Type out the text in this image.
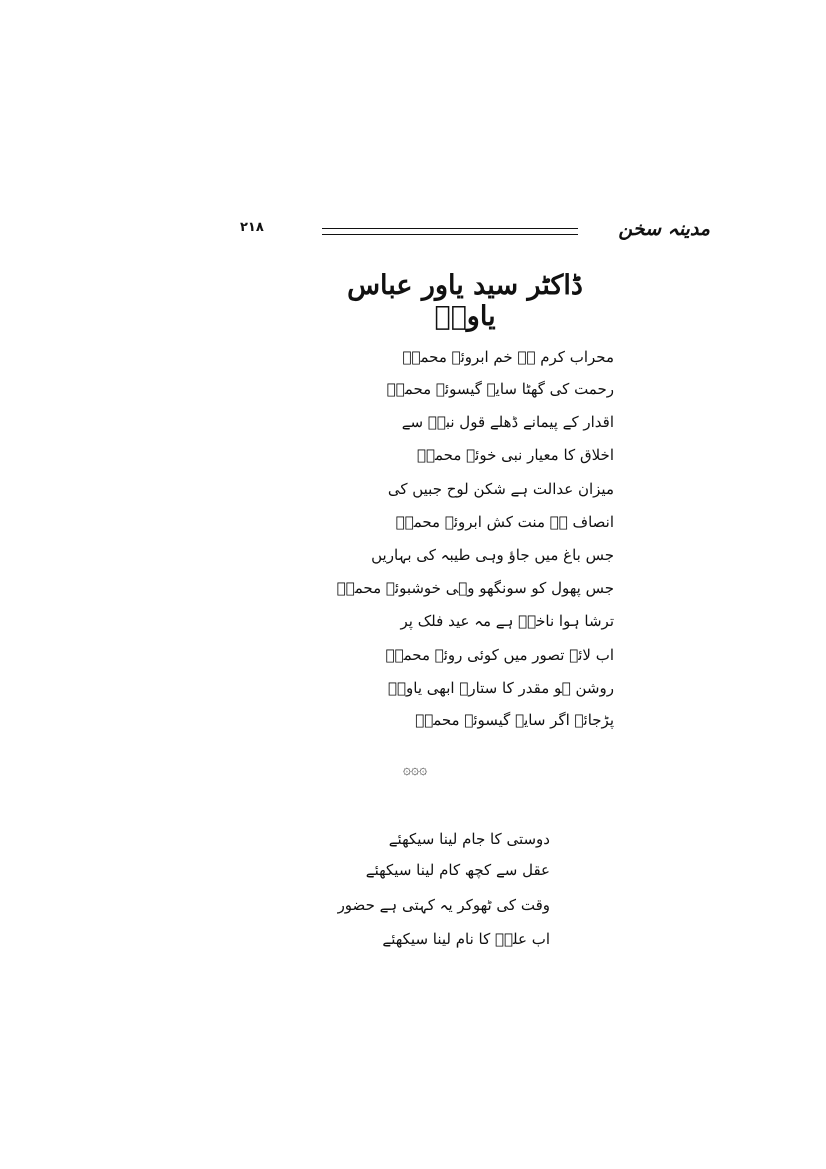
مدینہ سخن
۲۱۸
ڈاکٹر سید یاور عباس یاورؔ
محراب کرم ہے خم ابروئے محمدؐ
رحمت کی گھٹا سایہ گیسوئے محمدؐ
اقدار کے پیمانے ڈھلے قول نبیؐ سے
اخلاق کا معیار نبی خوئے محمدؐ
میزان عدالت ہے شکن لوح جبیں کی
انصاف ہے منت کش ابروئے محمدؐ
جس باغ میں جاؤ وہی طیبہ کی بہاریں
جس پھول کو سونگھو وہی خوشبوئے محمدؐ
ترشا ہوا ناخنؐ ہے مہ عید فلک پر
اب لائے تصور میں کوئی روئے محمدؐ
روشن ہو مقدر کا ستارہ ابھی یاورؔ
پڑجائے اگر سایۂ گیسوئے محمدؐ
۞۞۞
دوستی کا جام لینا سیکھئے
عقل سے کچھ کام لینا سیکھئے
وقت کی ٹھوکر یہ کہتی ہے حضور
اب علیؑ کا نام لینا سیکھئے
